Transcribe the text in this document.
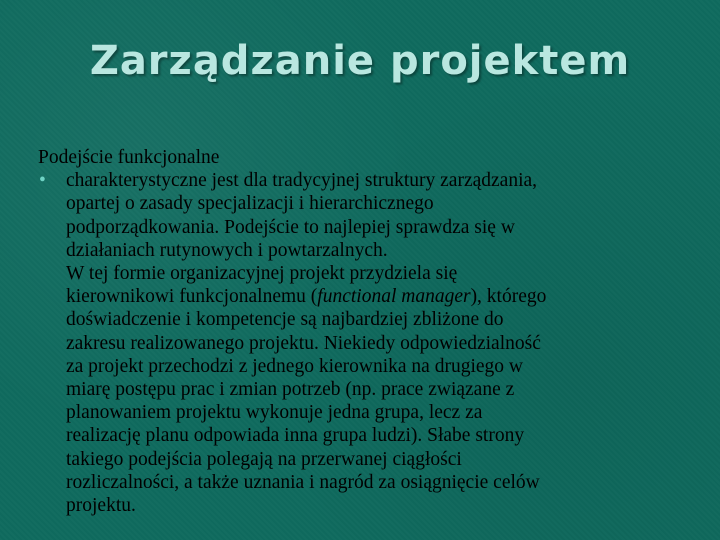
Zarządzanie projektem

Podejście funkcjonalne

•	charakterystyczne jest dla tradycyjnej struktury zarządzania,
opartej o zasady specjalizacji i hierarchicznego
podporządkowania. Podejście to najlepiej sprawdza się w
działaniach rutynowych i powtarzalnych.
W tej formie organizacyjnej projekt przydziela się
kierownikowi funkcjonalnemu (functional manager), którego
doświadczenie i kompetencje są najbardziej zbliżone do
zakresu realizowanego projektu. Niekiedy odpowiedzialność
za projekt przechodzi z jednego kierownika na drugiego w
miarę postępu prac i zmian potrzeb (np. prace związane z
planowaniem projektu wykonuje jedna grupa, lecz za
realizację planu odpowiada inna grupa ludzi). Słabe strony
takiego podejścia polegają na przerwanej ciągłości
rozliczalności, a także uznania i nagród za osiągnięcie celów
projektu.
